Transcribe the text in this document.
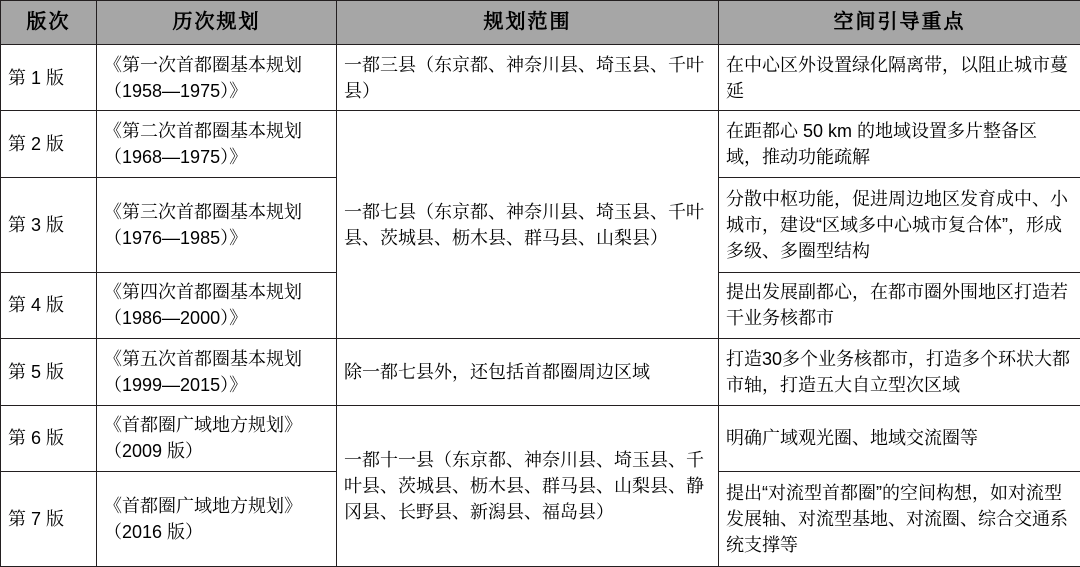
版次	历次规划	规划范围	空间引导重点
第 1 版	《第一次首都圈基本规划（1958—1975）》	一都三县（东京都、神奈川县、埼玉县、千叶县）	在中心区外设置绿化隔离带，以阻止城市蔓延
第 2 版	《第二次首都圈基本规划（1968—1975）》	一都七县（东京都、神奈川县、埼玉县、千叶县、茨城县、枥木县、群马县、山梨县）	在距都心 50 km 的地域设置多片整备区域，推动功能疏解
第 3 版	《第三次首都圈基本规划（1976—1985）》		分散中枢功能，促进周边地区发育成中、小城市，建设“区域多中心城市复合体”，形成多级、多圈型结构
第 4 版	《第四次首都圈基本规划（1986—2000）》		提出发展副都心，在都市圈外围地区打造若干业务核都市
第 5 版	《第五次首都圈基本规划（1999—2015）》	除一都七县外，还包括首都圈周边区域	打造30多个业务核都市，打造多个环状大都市轴，打造五大自立型次区域
第 6 版	《首都圈广域地方规划》（2009 版）	一都十一县（东京都、神奈川县、埼玉县、千叶县、茨城县、枥木县、群马县、山梨县、静冈县、长野县、新潟县、福岛县）	明确广域观光圈、地域交流圈等
第 7 版	《首都圈广域地方规划》（2016 版）		提出“对流型首都圈”的空间构想，如对流型发展轴、对流型基地、对流圈、综合交通系统支撑等
